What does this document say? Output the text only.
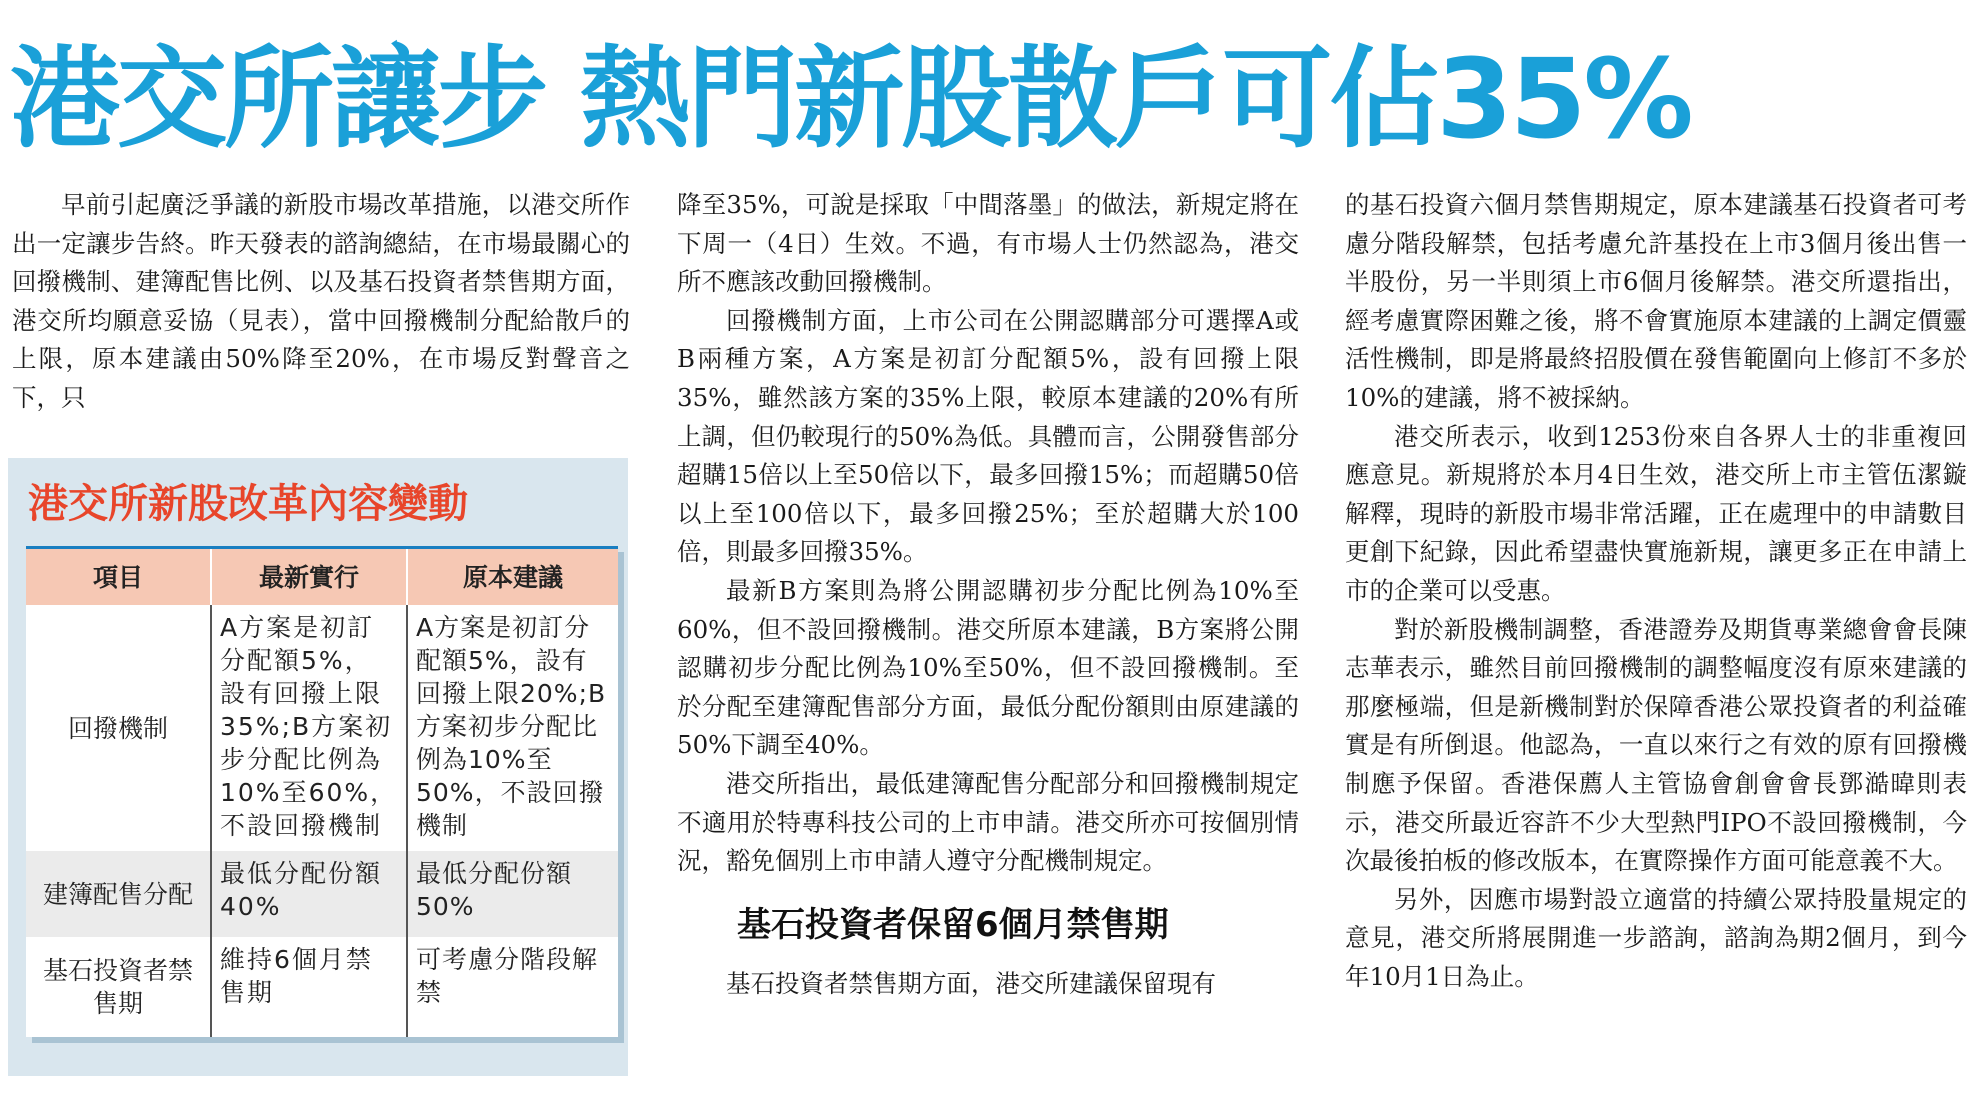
港交所讓步 熱門新股散戶可佔35%

早前引起廣泛爭議的新股市場改革措施，以港交所作出一定讓步告終。昨天發表的諮詢總結，在市場最關心的回撥機制、建簿配售比例、以及基石投資者禁售期方面，港交所均願意妥協（見表），當中回撥機制分配給散戶的上限，原本建議由50%降至20%，在市場反對聲音之下，只

港交所新股改革內容變動
項目	最新實行	原本建議
回撥機制	A方案是初訂分配額5%，設有回撥上限35%;B方案初步分配比例為10%至60%，不設回撥機制	A方案是初訂分配額5%，設有回撥上限20%;B方案初步分配比例為10%至50%，不設回撥機制
建簿配售分配	最低分配份額40%	最低分配份額50%
基石投資者禁售期	維持6個月禁售期	可考慮分階段解禁

降至35%，可說是採取「中間落墨」的做法，新規定將在下周一（4日）生效。不過，有市場人士仍然認為，港交所不應該改動回撥機制。

回撥機制方面，上市公司在公開認購部分可選擇A或B兩種方案，A方案是初訂分配額5%，設有回撥上限35%，雖然該方案的35%上限，較原本建議的20%有所上調，但仍較現行的50%為低。具體而言，公開發售部分超購15倍以上至50倍以下，最多回撥15%；而超購50倍以上至100倍以下，最多回撥25%；至於超購大於100倍，則最多回撥35%。

最新B方案則為將公開認購初步分配比例為10%至60%，但不設回撥機制。港交所原本建議，B方案將公開認購初步分配比例為10%至50%，但不設回撥機制。至於分配至建簿配售部分方面，最低分配份額則由原建議的50%下調至40%。

港交所指出，最低建簿配售分配部分和回撥機制規定不適用於特專科技公司的上市申請。港交所亦可按個別情況，豁免個別上市申請人遵守分配機制規定。

基石投資者保留6個月禁售期

基石投資者禁售期方面，港交所建議保留現有

的基石投資六個月禁售期規定，原本建議基石投資者可考慮分階段解禁，包括考慮允許基投在上市3個月後出售一半股份，另一半則須上市6個月後解禁。港交所還指出，經考慮實際困難之後，將不會實施原本建議的上調定價靈活性機制，即是將最終招股價在發售範圍向上修訂不多於10%的建議，將不被採納。

港交所表示，收到1253份來自各界人士的非重複回應意見。新規將於本月4日生效，港交所上市主管伍潔鏇解釋，現時的新股市場非常活躍，正在處理中的申請數目更創下紀錄，因此希望盡快實施新規，讓更多正在申請上市的企業可以受惠。

對於新股機制調整，香港證券及期貨專業總會會長陳志華表示，雖然目前回撥機制的調整幅度沒有原來建議的那麼極端，但是新機制對於保障香港公眾投資者的利益確實是有所倒退。他認為，一直以來行之有效的原有回撥機制應予保留。香港保薦人主管協會創會會長鄧澔暐則表示，港交所最近容許不少大型熱門IPO不設回撥機制，今次最後拍板的修改版本，在實際操作方面可能意義不大。

另外，因應市場對設立適當的持續公眾持股量規定的意見，港交所將展開進一步諮詢，諮詢為期2個月，到今年10月1日為止。
